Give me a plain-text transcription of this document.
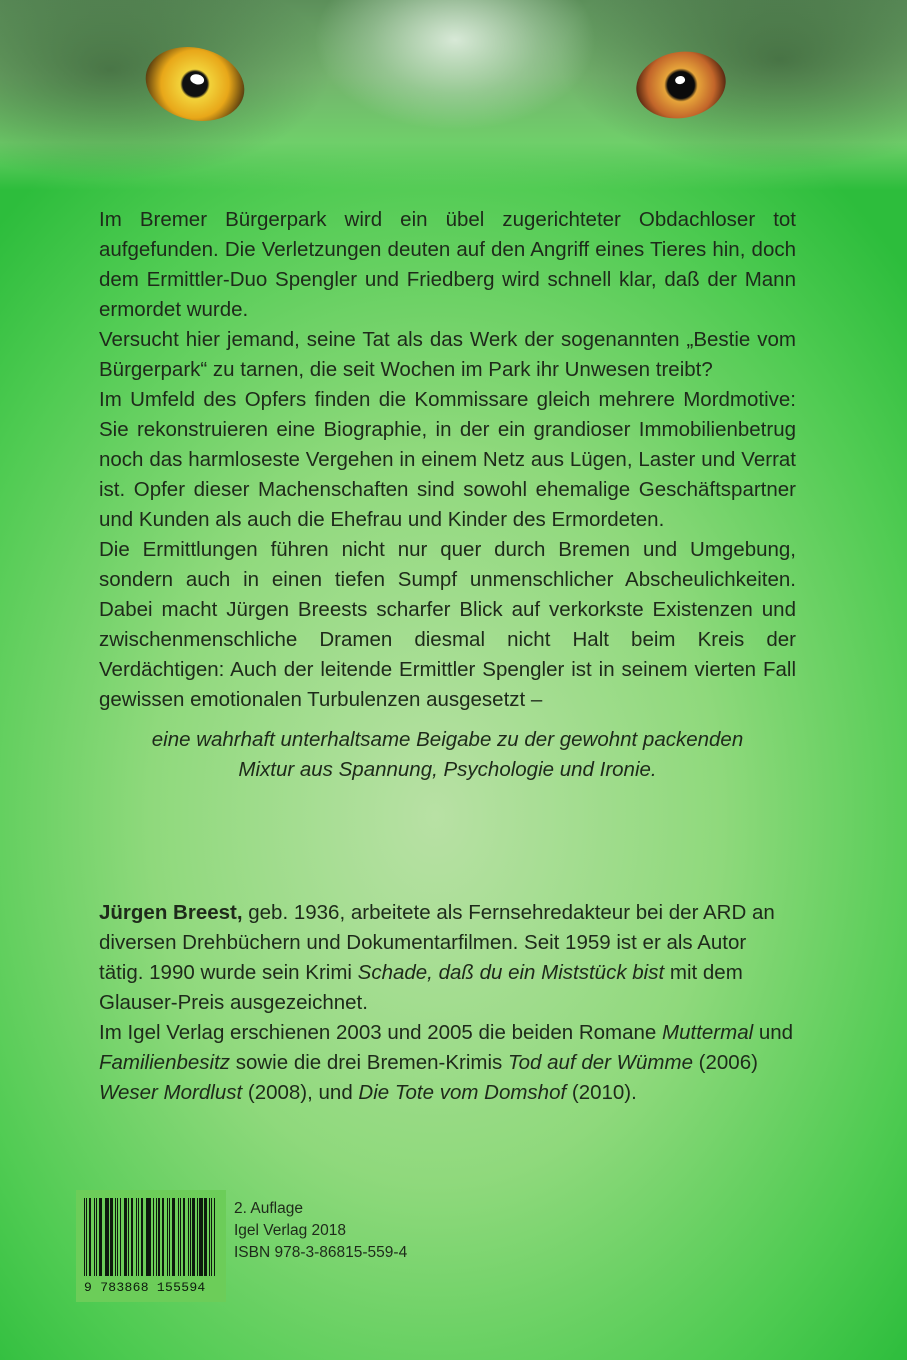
Im Bremer Bürgerpark wird ein übel zugerichteter Obdachloser tot aufgefunden. Die Verletzungen deuten auf den Angriff eines Tieres hin, doch dem Ermittler-Duo Spengler und Friedberg wird schnell klar, daß der Mann ermordet wurde.

Versucht hier jemand, seine Tat als das Werk der sogenannten „Bestie vom Bürgerpark“ zu tarnen, die seit Wochen im Park ihr Unwesen treibt?

Im Umfeld des Opfers finden die Kommissare gleich mehrere Mordmotive: Sie rekonstruieren eine Biographie, in der ein grandioser Immobilienbetrug noch das harmloseste Vergehen in einem Netz aus Lügen, Laster und Verrat ist. Opfer dieser Machenschaften sind sowohl ehemalige Geschäftspartner und Kunden als auch die Ehefrau und Kinder des Ermordeten.

Die Ermittlungen führen nicht nur quer durch Bremen und Umgebung, sondern auch in einen tiefen Sumpf unmenschlicher Abscheulichkeiten. Dabei macht Jürgen Breests scharfer Blick auf verkorkste Existenzen und zwischenmenschliche Dramen diesmal nicht Halt beim Kreis der Verdächtigen: Auch der leitende Ermittler Spengler ist in seinem vierten Fall gewissen emotionalen Turbulenzen ausgesetzt –

eine wahrhaft unterhaltsame Beigabe zu der gewohnt packenden
Mixtur aus Spannung, Psychologie und Ironie.

Jürgen Breest, geb. 1936, arbeitete als Fernsehredakteur bei der ARD an diversen Drehbüchern und Dokumentarfilmen. Seit 1959 ist er als Autor tätig. 1990 wurde sein Krimi Schade, daß du ein Miststück bist mit dem Glauser-Preis ausgezeichnet.

Im Igel Verlag erschienen 2003 und 2005 die beiden Romane Muttermal und Familienbesitz sowie die drei Bremen-Krimis Tod auf der Wümme (2006) Weser Mordlust (2008), und Die Tote vom Domshof (2010).

9 783868 155594
2. Auflage
Igel Verlag 2018
ISBN 978-3-86815-559-4
